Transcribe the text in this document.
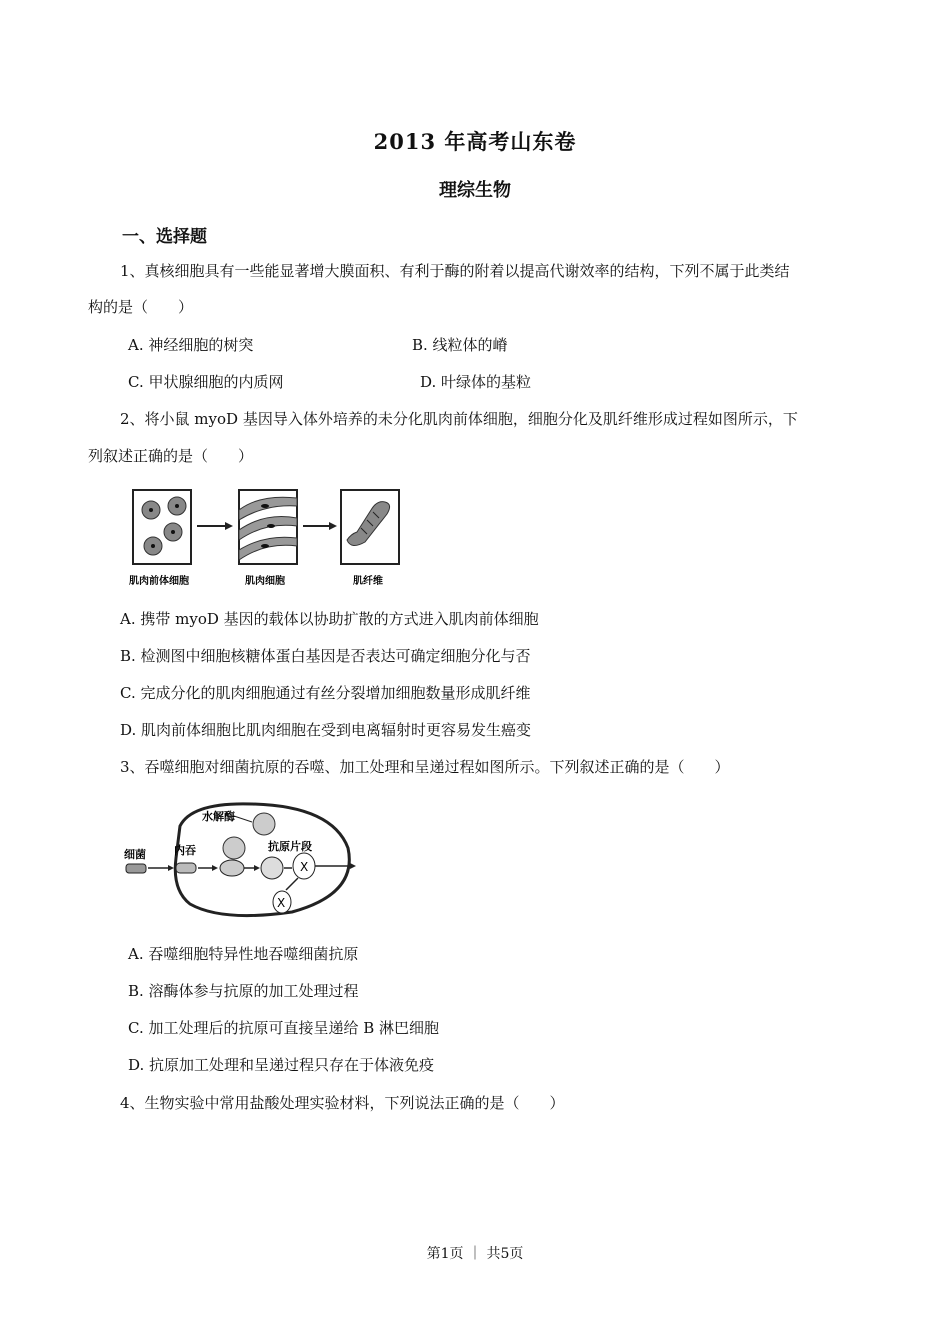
2013 年高考山东卷
理综生物
一、选择题
1、真核细胞具有一些能显著增大膜面积、有利于酶的附着以提高代谢效率的结构，下列不属于此类结
构的是（　　）
A. 神经细胞的树突	B. 线粒体的嵴
C. 甲状腺细胞的内质网	D. 叶绿体的基粒
2、将小鼠 myoD 基因导入体外培养的未分化肌肉前体细胞，细胞分化及肌纤维形成过程如图所示，下
列叙述正确的是（　　）
肌肉前体细胞	肌肉细胞	肌纤维
A. 携带 myoD 基因的载体以协助扩散的方式进入肌肉前体细胞
B. 检测图中细胞核糖体蛋白基因是否表达可确定细胞分化与否
C. 完成分化的肌肉细胞通过有丝分裂增加细胞数量形成肌纤维
D. 肌肉前体细胞比肌肉细胞在受到电离辐射时更容易发生癌变
3、吞噬细胞对细菌抗原的吞噬、加工处理和呈递过程如图所示。下列叙述正确的是（　　）
X
X
水解酶
细菌	内吞	抗原片段
A. 吞噬细胞特异性地吞噬细菌抗原
B. 溶酶体参与抗原的加工处理过程
C. 加工处理后的抗原可直接呈递给 B 淋巴细胞
D. 抗原加工处理和呈递过程只存在于体液免疫
4、生物实验中常用盐酸处理实验材料，下列说法正确的是（　　）
第1页 ｜ 共5页
